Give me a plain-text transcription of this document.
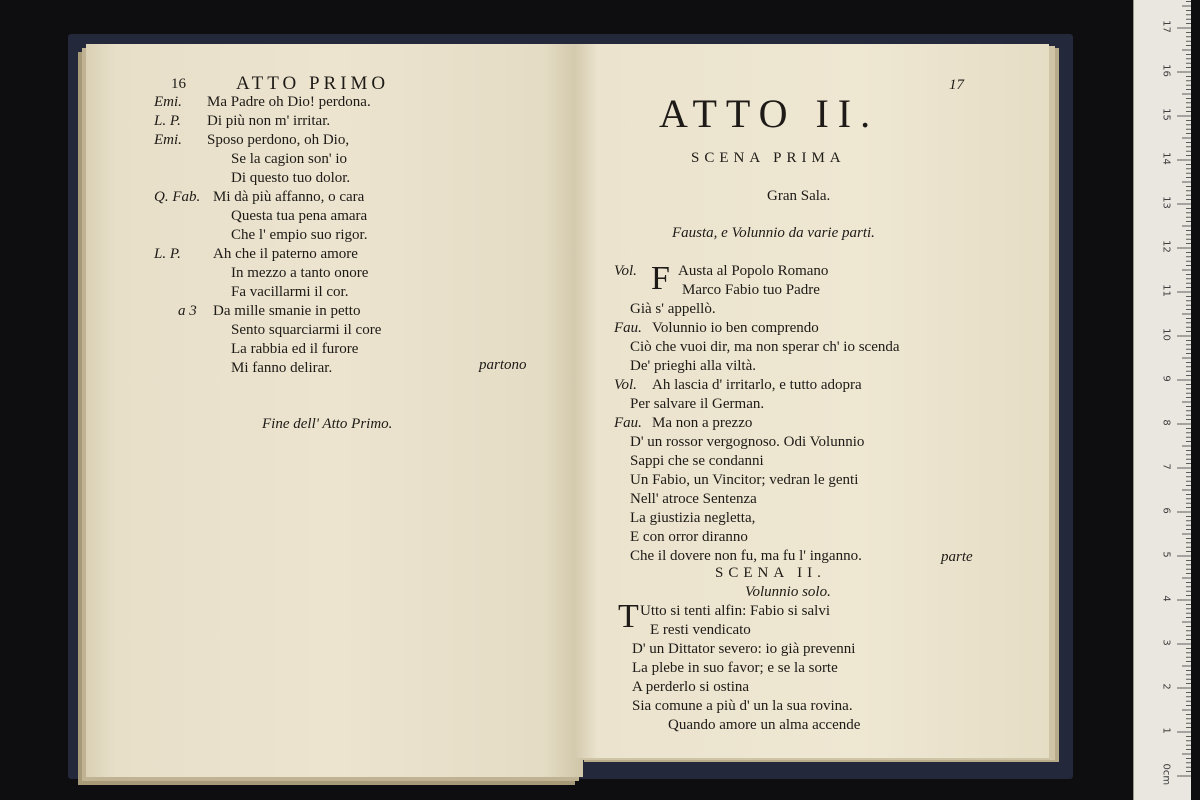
16	ATTO PRIMO
Emi. Ma Padre oh Dio! perdona.
L. P. Di più non m' irritar.
Emi. Sposo perdono, oh Dio,
Se la cagion son' io
Di questo tuo dolor.
Q. Fab. Mi dà più affanno, o cara
Questa tua pena amara
Che l' empio suo rigor.
L. P. Ah che il paterno amore
In mezzo a tanto onore
Fa vacillarmi il cor.
a 3 Da mille smanie in petto
Sento squarciarmi il core
La rabbia ed il furore
Mi fanno delirar.	partono
Fine dell' Atto Primo.
17
ATTO II.
SCENA PRIMA
Gran Sala.
Fausta, e Volunnio da varie parti.
Vol. F Austa al Popolo Romano
Marco Fabio tuo Padre
Già s' appellò.
Fau. Volunnio io ben comprendo
Ciò che vuoi dir, ma non sperar ch' io scenda
De' prieghi alla viltà.
Vol. Ah lascia d' irritarlo, e tutto adopra
Per salvare il German.
Fau. Ma non a prezzo
D' un rossor vergognoso. Odi Volunnio
Sappi che se condanni
Un Fabio, un Vincitor; vedran le genti
Nell' atroce Sentenza
La giustizia negletta,
E con orror diranno
Che il dovere non fu, ma fu l' inganno.	parte
SCENA II.
Volunnio solo.
T Utto si tenti alfin: Fabio si salvi
E resti vendicato
D' un Dittator severo: io già prevenni
La plebe in suo favor; e se la sorte
A perderlo si ostina
Sia comune a più d' un la sua rovina.
Quando amore un alma accende
0cm
1
2
3
4
5
6
7
8
9
10
11
12
13
14
15
16
17
